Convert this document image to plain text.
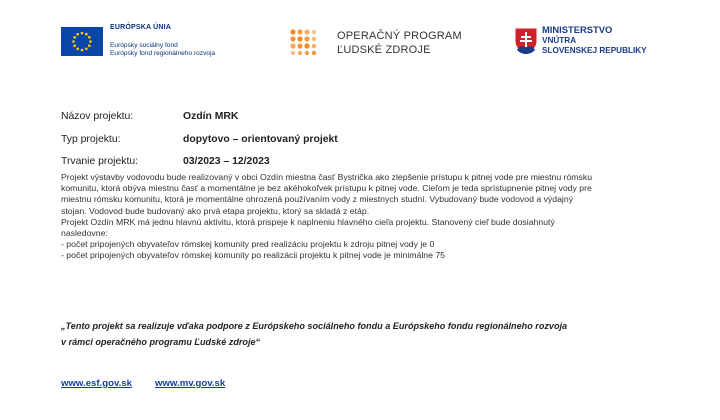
EURÓPSKA ÚNIA
Európsky sociálny fond
Európsky fond regionálneho rozvoja
OPERAČNÝ PROGRAM
ĽUDSKÉ ZDROJE
MINISTERSTVO
VNÚTRA
SLOVENSKEJ REPUBLIKY
Názov projektu:	Ozdín MRK
Typ projektu:	dopytovo – orientovaný projekt
Trvanie projektu:	03/2023 – 12/2023
Projekt výstavby vodovodu bude realizovaný v obci Ozdín miestna časť Bystrička ako zlepšenie prístupu k pitnej vode pre miestnu rómsku
komunitu, ktorá obýva miestnu časť a momentálne je bez akéhokoľvek prístupu k pitnej vode. Cieľom je teda sprístupnenie pitnej vody pre
miestnu rómsku komunitu, ktorá je momentálne ohrozená používaním vody z miestnych studní. Vybudovaný bude vodovod a výdajný
stojan. Vodovod bude budovaný ako prvá etapa projektu, ktorý sa skladá z etáp.
Projekt Ozdín MRK má jednu hlavnú aktivitu, ktorá prispeje k naplneniu hlavného cieľa projektu. Stanovený cieľ bude dosiahnutý
nasledovne:
- počet pripojených obyvateľov rómskej komunity pred realizáciu projektu k zdroju pitnej vody je 0
- počet pripojených obyvateľov rómskej komunity po realizácii projektu k pitnej vode je minimálne 75
„Tento projekt sa realizuje vďaka podpore z Európskeho sociálneho fondu a Európskeho fondu regionálneho rozvoja
v rámci operačného programu Ľudské zdroje“
www.esf.gov.sk www.mv.gov.sk
